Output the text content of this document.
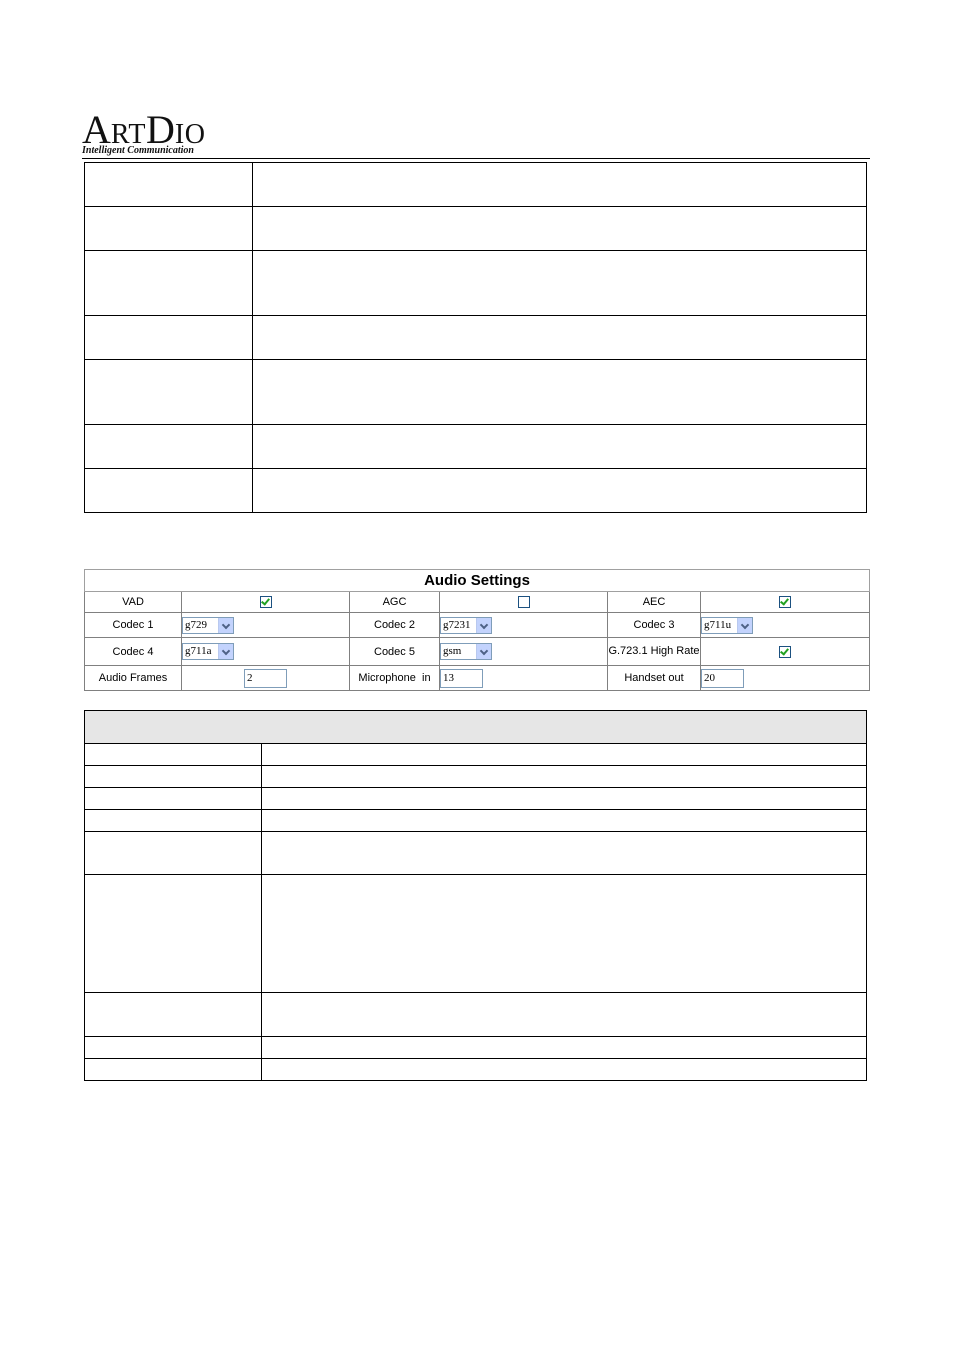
ARTDIO
Intelligent Communication

Audio Settings					
VAD		AGC		AEC	
Codec 1	g729	Codec 2	g7231	Codec 3	g711u

Codec 4	g711a	Codec 5	gsm	G.723.1 High Rate	
Audio Frames	2	Microphone  in	13	Handset out	20
